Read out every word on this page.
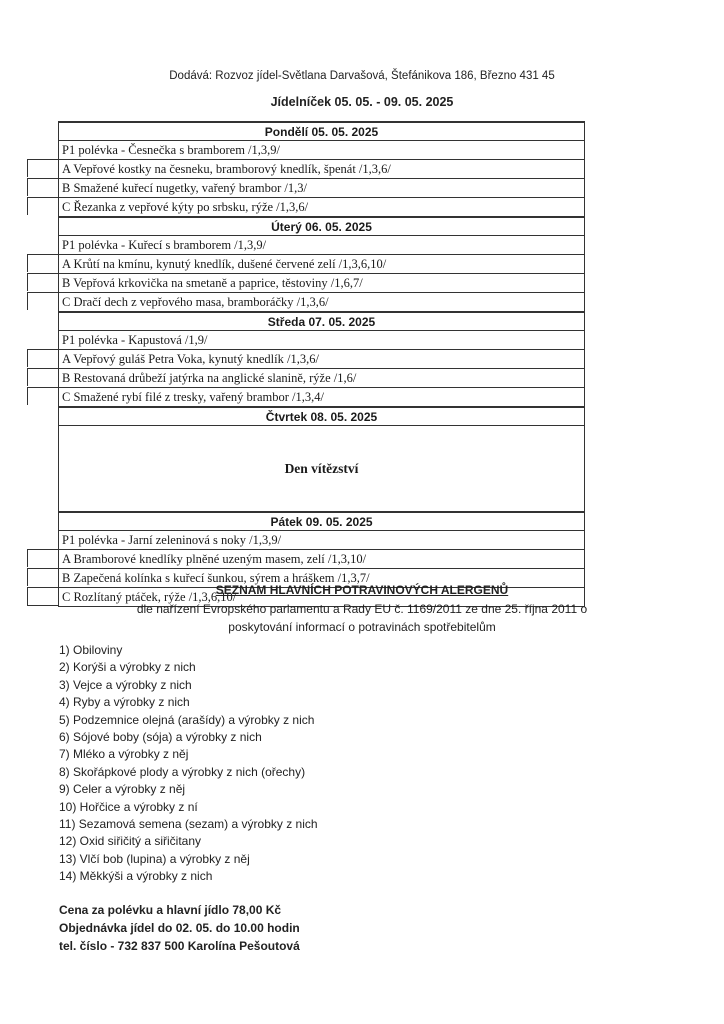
Dodává: Rozvoz jídel-Světlana Darvašová, Štefánikova 186, Březno 431 45
Jídelníček 05. 05. - 09. 05. 2025
Pondělí 05. 05. 2025
P1 polévka - Česnečka s bramborem /1,3,9/
A Vepřové kostky na česneku, bramborový knedlík, špenát /1,3,6/
B Smažené kuřecí nugetky, vařený brambor /1,3/
C Řezanka z vepřové kýty po srbsku, rýže /1,3,6/
Úterý 06. 05. 2025
P1 polévka - Kuřecí s bramborem /1,3,9/
A Krůtí na kmínu, kynutý knedlík, dušené červené zelí /1,3,6,10/
B Vepřová krkovička na smetaně a paprice, těstoviny /1,6,7/
C Dračí dech z vepřového masa, bramboráčky /1,3,6/
Středa 07. 05. 2025
P1 polévka - Kapustová /1,9/
A Vepřový guláš Petra Voka, kynutý knedlík /1,3,6/
B Restovaná drůbeží jatýrka na anglické slanině, rýže /1,6/
C Smažené rybí filé z tresky, vařený brambor /1,3,4/
Čtvrtek 08. 05. 2025
Den vítězství
Pátek 09. 05. 2025
P1 polévka - Jarní zeleninová s noky /1,3,9/
A Bramborové knedlíky plněné uzeným masem, zelí /1,3,10/
B Zapečená kolínka s kuřecí šunkou, sýrem a hráškem /1,3,7/
C Rozlítaný ptáček, rýže /1,3,6,10/
SEZNAM HLAVNÍCH POTRAVINOVÝCH ALERGENŮ
dle nařízení Evropského parlamentu a Rady EU č. 1169/2011 ze dne 25. října 2011 o
poskytování informací o potravinách spotřebitelům
1) Obiloviny
2) Korýši a výrobky z nich
3) Vejce a výrobky z nich
4) Ryby a výrobky z nich
5) Podzemnice olejná (arašídy) a výrobky z nich
6) Sójové boby (sója) a výrobky z nich
7) Mléko a výrobky z něj
8) Skořápkové plody a výrobky z nich (ořechy)
9) Celer a výrobky z něj
10) Hořčice a výrobky z ní
11) Sezamová semena (sezam) a výrobky z nich
12) Oxid siřičitý a siřičitany
13) Vlčí bob (lupina) a výrobky z něj
14) Měkkýši a výrobky z nich
Cena za polévku a hlavní jídlo 78,00 Kč
Objednávka jídel do 02. 05. do 10.00 hodin
tel. číslo - 732 837 500 Karolína Pešoutová
